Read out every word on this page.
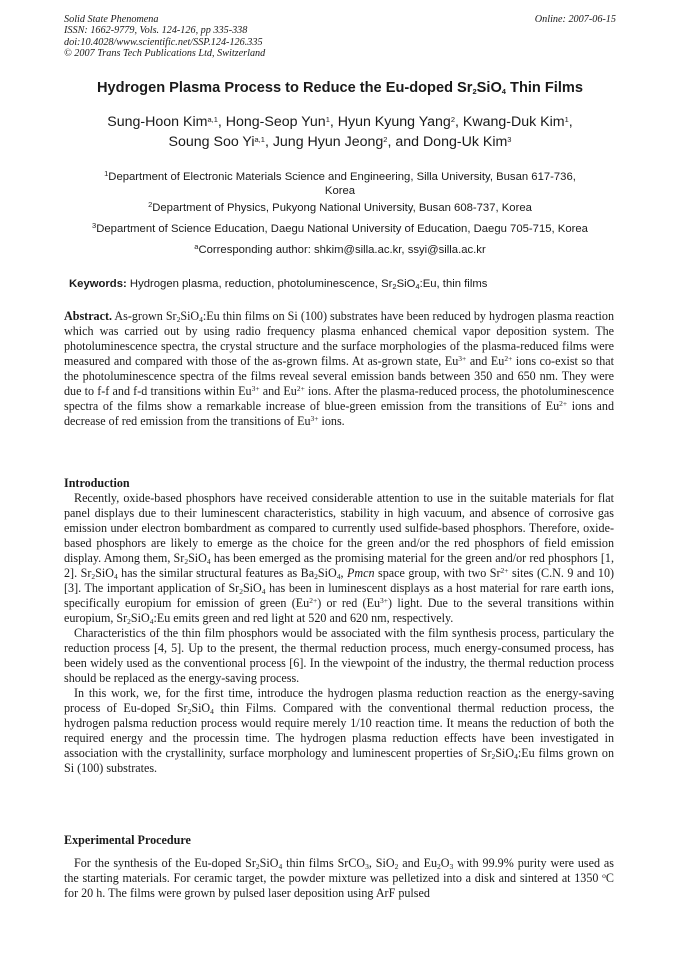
Solid State Phenomena
ISSN: 1662-9779, Vols. 124-126, pp 335-338
doi:10.4028/www.scientific.net/SSP.124-126.335
© 2007 Trans Tech Publications Ltd, Switzerland
Online: 2007-06-15
Hydrogen Plasma Process to Reduce the Eu-doped $Sr_2SiO_4$ Thin Films
Sung-Hoon Kim$^{a,1}$, Hong-Seop Yun$^1$, Hyun Kyung Yang$^2$, Kwang-Duk Kim$^1$,
Soung Soo Yi$^{a,1}$, Jung Hyun Jeong$^2$, and Dong-Uk Kim$^3$
$^1$Department of Electronic Materials Science and Engineering, Silla University, Busan 617-736,
Korea
$^2$Department of Physics, Pukyong National University, Busan 608-737, Korea
$^3$Department of Science Education, Daegu National University of Education, Daegu 705-715, Korea
$^a$Corresponding author: shkim@silla.ac.kr, ssyi@silla.ac.kr
Keywords: Hydrogen plasma, reduction, photoluminescence, $Sr_2SiO_4:Eu$, thin films
Abstract. As-grown $Sr_2SiO_4:Eu$ thin films on Si (100) substrates have been reduced by hydrogen plasma reaction which was carried out by using radio frequency plasma enhanced chemical vapor deposition system. The photoluminescence spectra, the crystal structure and the surface morphologies of the plasma-reduced films were measured and compared with those of the as-grown films. At as-grown state, $Eu^{3+}$ and $Eu^{2+}$ ions co-exist so that the photoluminescence spectra of the films reveal several emission bands between 350 and 650 nm. They were due to f-f and f-d transitions within $Eu^{3+}$ and $Eu^{2+}$ ions. After the plasma-reduced process, the photoluminescence spectra of the films show a remarkable increase of blue-green emission from the transitions of $Eu^{2+}$ ions and decrease of red emission from the transitions of $Eu^{3+}$ ions.
Introduction
Recently, oxide-based phosphors have received considerable attention to use in the suitable materials for flat panel displays due to their luminescent characteristics, stability in high vacuum, and absence of corrosive gas emission under electron bombardment as compared to currently used sulfide-based phosphors. Therefore, oxide-based phosphors are likely to emerge as the choice for the green and/or the red phosphors of field emission display. Among them, $Sr_2SiO_4$ has been emerged as the promising material for the green and/or red phosphors [1, 2]. $Sr_2SiO_4$ has the similar structural features as $Ba_2SiO_4$, Pmcn space group, with two $Sr^{2+}$ sites (C.N. 9 and 10) [3]. The important application of $Sr_2SiO_4$ has been in luminescent displays as a host material for rare earth ions, specifically europium for emission of green $(Eu^{2+})$ or red $(Eu^{3+})$ light. Due to the several transitions within europium, $Sr_2SiO_4:Eu$ emits green and red light at 520 and 620 nm, respectively.
Characteristics of the thin film phosphors would be associated with the film synthesis process, particulary the reduction process [4, 5]. Up to the present, the thermal reduction process, much energy-consumed process, has been widely used as the conventional process [6]. In the viewpoint of the industry, the thermal reduction process should be replaced as the energy-saving process.
In this work, we, for the first time, introduce the hydrogen plasma reduction reaction as the energy-saving process of Eu-doped $Sr_2SiO_4$ thin Films. Compared with the conventional thermal reduction process, the hydrogen palsma reduction process would require merely 1/10 reaction time. It means the reduction of both the required energy and the processin time. The hydrogen plasma reduction effects have been investigated in association with the crystallinity, surface morphology and luminescent properties of $Sr_2SiO_4:Eu$ films grown on Si (100) substrates.
Experimental Procedure
For the synthesis of the Eu-doped $Sr_2SiO_4$ thin films SrCO$_3$, SiO$_2$ and $Eu_2O_3$ with 99.9% purity were used as the starting materials. For ceramic target, the powder mixture was pelletized into a disk and sintered at 1350 $^o$C for 20 h. The films were grown by pulsed laser deposition using ArF pulsed
